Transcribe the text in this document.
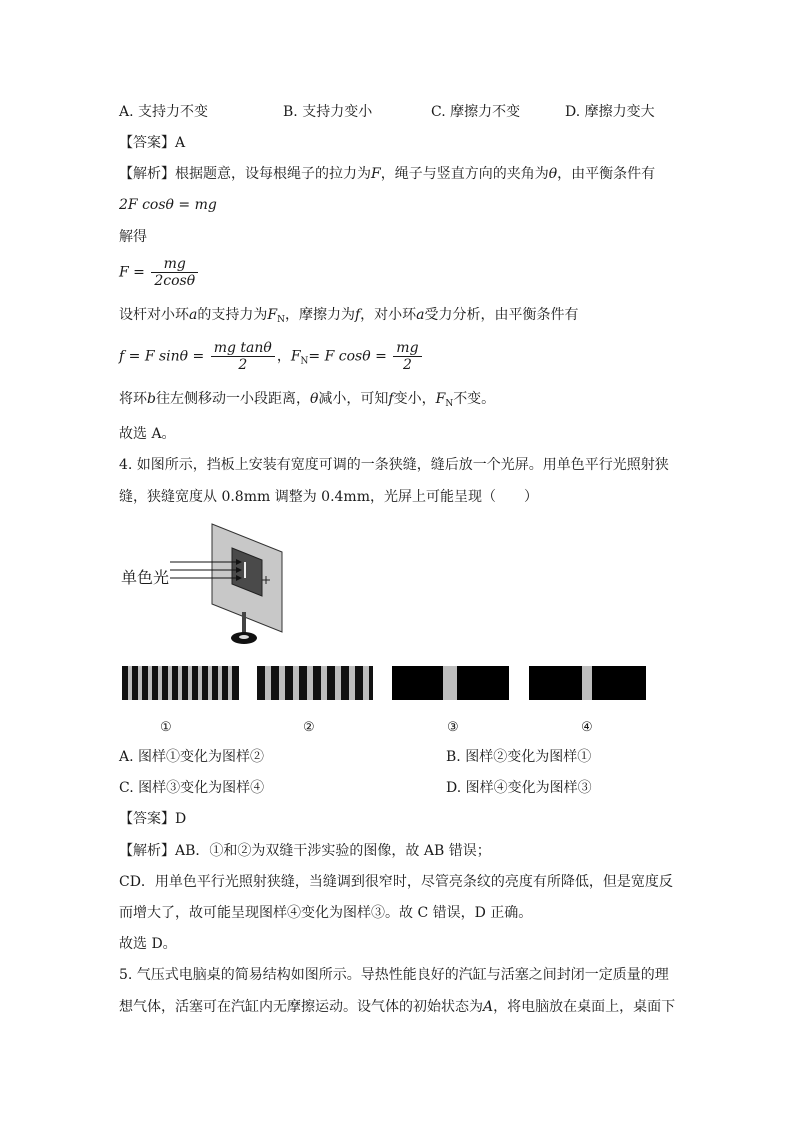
A. 支持力不变	B. 支持力变小	C. 摩擦力不变	D. 摩擦力变大
【答案】A
【解析】根据题意，设每根绳子的拉力为F，绳子与竖直方向的夹角为θ，由平衡条件有
2F cosθ = mg
解得
$F = \frac{mg}{2\cos\theta}$
设杆对小环a的支持力为$F_N$，摩擦力为f，对小环a受力分析，由平衡条件有
f = F $\sin\theta = \frac{\text{mg tanθ}}{2}$ ，$F_N= F$ $\cos\theta = \frac{mg}{2}$
将环b往左侧移动一小段距离，θ减小，可知f变小，$F_N$不变。
故选 A。
4. 如图所示，挡板上安装有宽度可调的一条狭缝，缝后放一个光屏。用单色平行光照射狭
缝，狭缝宽度从 0.8mm 调整为 0.4mm，光屏上可能呈现（　　）
单色光
①	②	③	④
A. 图样①变化为图样②	B. 图样②变化为图样①
C. 图样③变化为图样④	D. 图样④变化为图样③
【答案】D
【解析】AB．①和②为双缝干涉实验的图像，故 AB 错误；
CD．用单色平行光照射狭缝，当缝调到很窄时，尽管亮条纹的亮度有所降低，但是宽度反
而增大了，故可能呈现图样④变化为图样③。故 C 错误，D 正确。
故选 D。
5. 气压式电脑桌的简易结构如图所示。导热性能良好的汽缸与活塞之间封闭一定质量的理
想气体，活塞可在汽缸内无摩擦运动。设气体的初始状态为A，将电脑放在桌面上，桌面下
